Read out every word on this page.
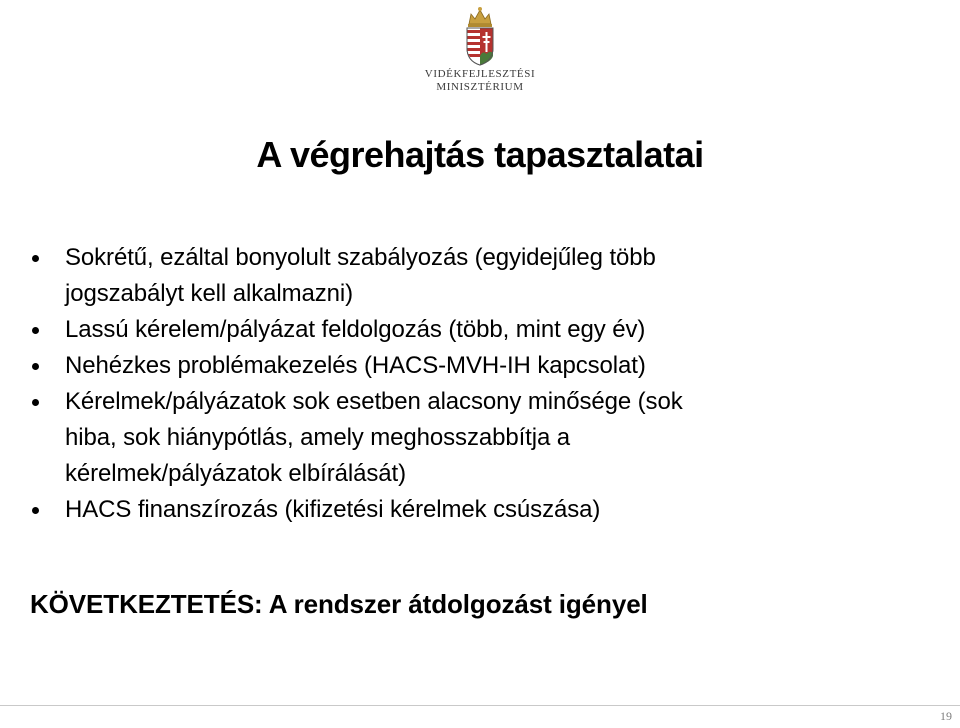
VIDÉKFEJLESZTÉSI
MINISZTÉRIUM
A végrehajtás tapasztalatai
Sokrétű, ezáltal bonyolult szabályozás (egyidejűleg több
jogszabályt kell alkalmazni)
Lassú kérelem/pályázat feldolgozás (több, mint egy év)
Nehézkes problémakezelés (HACS-MVH-IH kapcsolat)
Kérelmek/pályázatok sok esetben alacsony minősége (sok
hiba, sok hiánypótlás, amely meghosszabbítja a
kérelmek/pályázatok elbírálását)
HACS finanszírozás (kifizetési kérelmek csúszása)
KÖVETKEZTETÉS: A rendszer átdolgozást igényel
19
